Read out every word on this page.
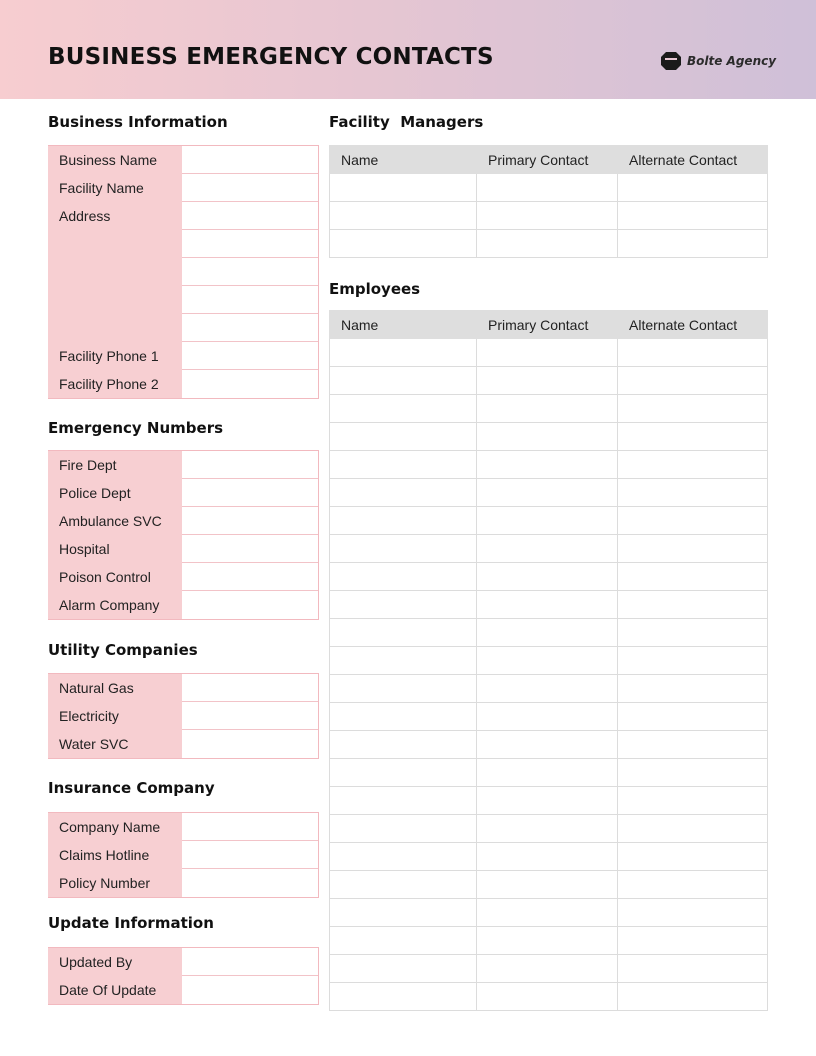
BUSINESS EMERGENCY CONTACTS	Bolte Agency
Business Information
Business Name
Facility Name
Address
Facility Phone 1
Facility Phone 2
Emergency Numbers
Fire Dept
Police Dept
Ambulance SVC
Hospital
Poison Control
Alarm Company
Utility Companies
Natural Gas
Electricity
Water SVC
Insurance Company
Company Name
Claims Hotline
Policy Number
Update Information
Updated By
Date Of Update
Facility  Managers
Name	Primary Contact	Alternate Contact

Employees
Name	Primary Contact	Alternate Contact
